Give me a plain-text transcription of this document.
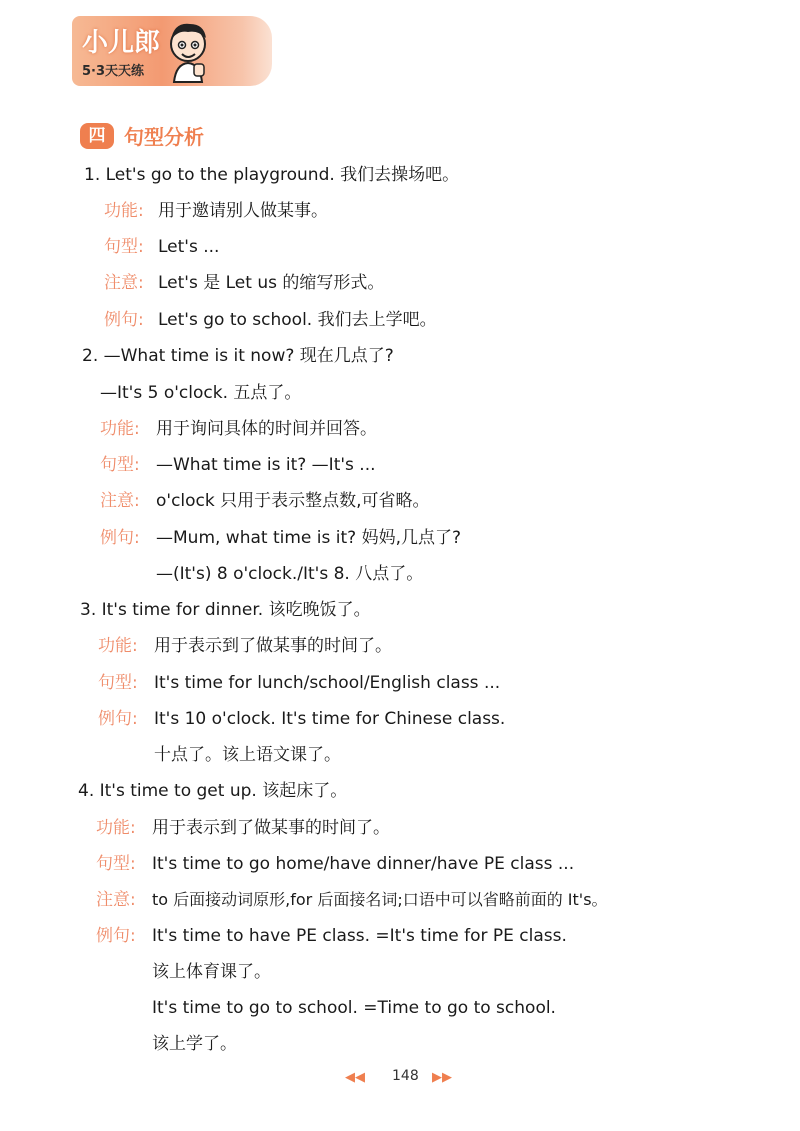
小儿郎
5·3天天练
四 句型分析
1. Let's go to the playground. 我们去操场吧。
功能: 用于邀请别人做某事。
句型: Let's ...
注意: Let's 是 Let us 的缩写形式。
例句: Let's go to school. 我们去上学吧。
2. —What time is it now? 现在几点了?
—It's 5 o'clock. 五点了。
功能: 用于询问具体的时间并回答。
句型: —What time is it? —It's ...
注意: o'clock 只用于表示整点数,可省略。
例句: —Mum, what time is it? 妈妈,几点了?
—(It's) 8 o'clock./It's 8. 八点了。
3. It's time for dinner. 该吃晚饭了。
功能: 用于表示到了做某事的时间了。
句型: It's time for lunch/school/English class ...
例句: It's 10 o'clock. It's time for Chinese class.
十点了。该上语文课了。
4. It's time to get up. 该起床了。
功能: 用于表示到了做某事的时间了。
句型: It's time to go home/have dinner/have PE class ...
注意: to 后面接动词原形,for 后面接名词;口语中可以省略前面的 It's。
例句: It's time to have PE class. =It's time for PE class.
该上体育课了。
It's time to go to school. =Time to go to school.
该上学了。
◀◀ 148 ▶▶
